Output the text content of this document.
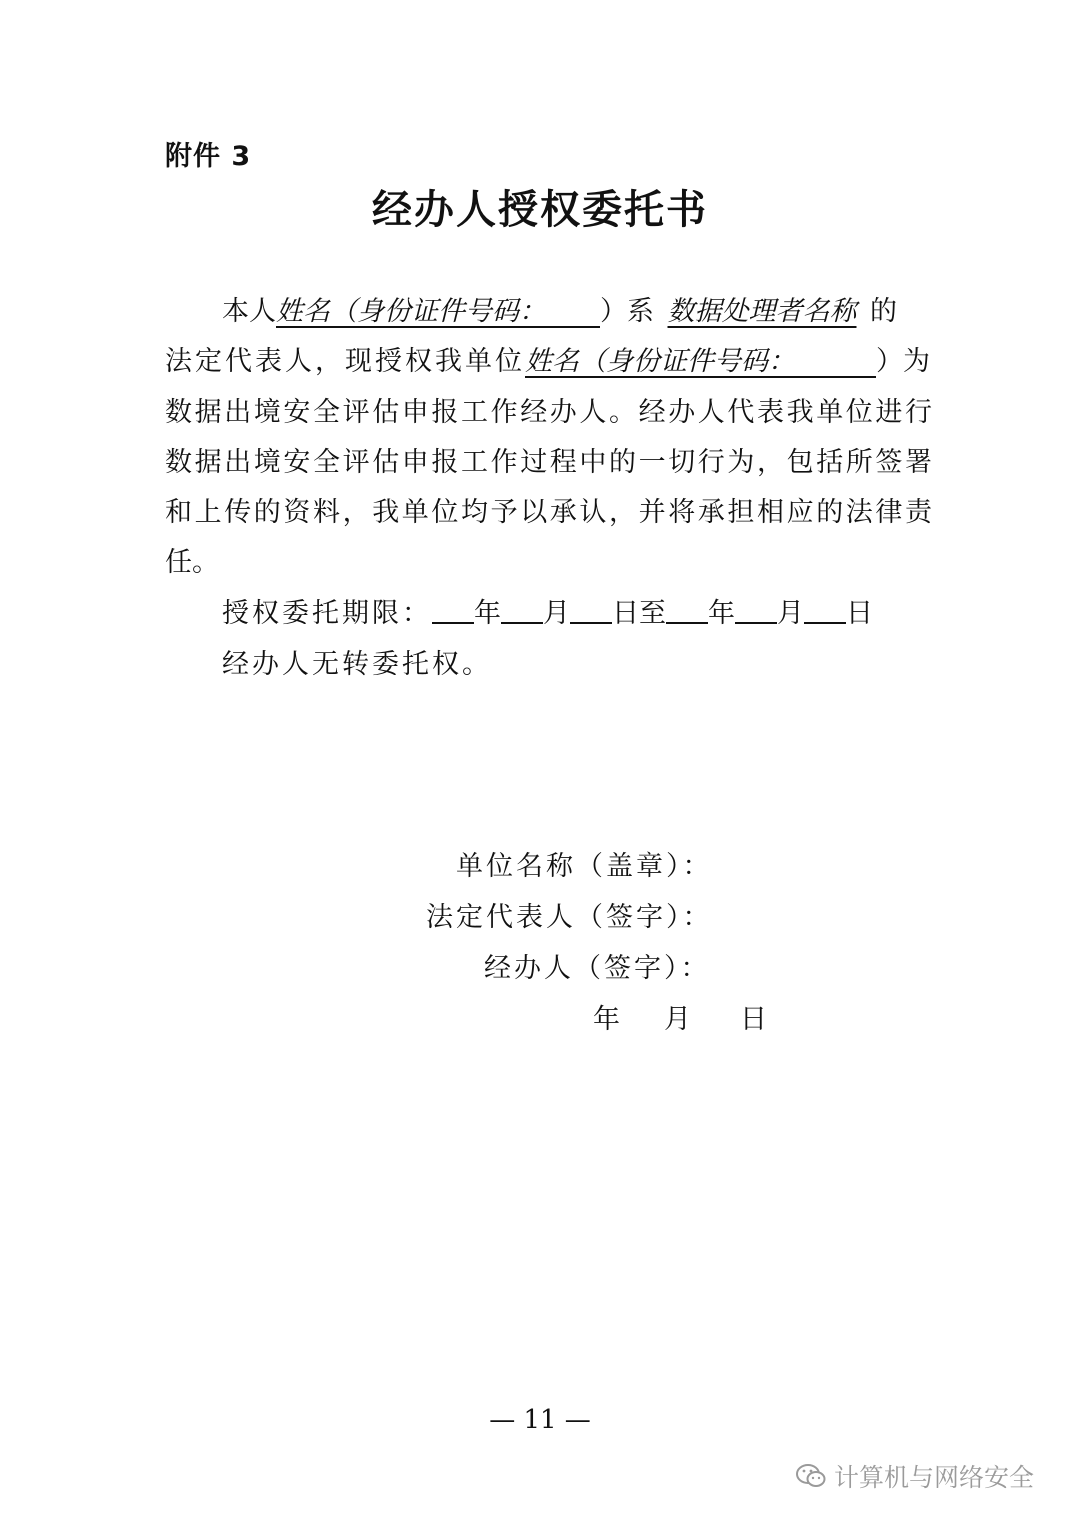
附件 3
经办人授权委托书
本人姓名（身份证件号码：   ）系  数据处理者名称  的
法定代表人，现授权我单位姓名（身份证件号码：   	）为
数据出境安全评估申报工作经办人。经办人代表我单位进行
数据出境安全评估申报工作过程中的一切行为，包括所签署
和上传的资料，我单位均予以承认，并将承担相应的法律责
任。
授权委托期限： 年 月 日至 年 月 日
经办人无转委托权。
单位名称（盖章）：
法定代表人（签字）：
经办人（签字）：
年 月 日
— 11 —
计算机与网络安全
